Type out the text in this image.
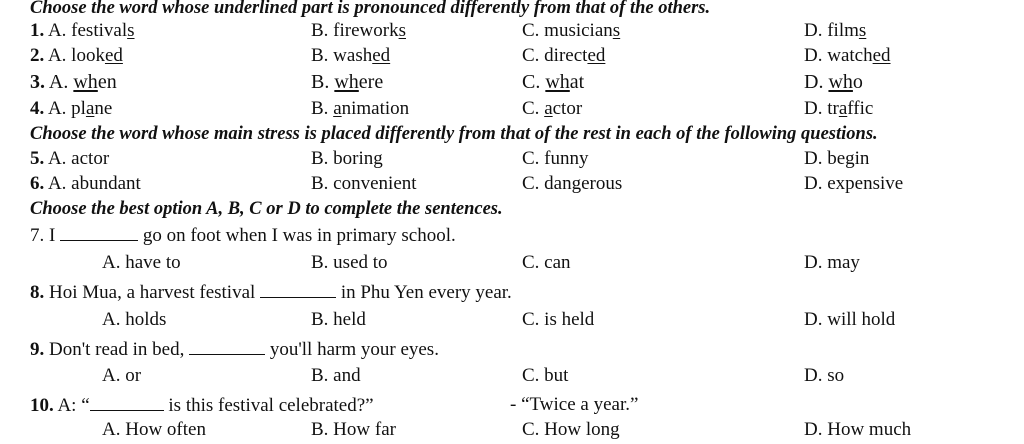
Choose the word whose underlined part is pronounced differently from that of the others.
1. A. festivals	B. fireworks	C. musicians	D. films
2. A. looked	B. washed	C. directed	D. watched
3. A. when	B. where	C. what	D. who
4. A. plane	B. animation	C. actor	D. traffic
Choose the word whose main stress is placed differently from that of the rest in each of the following questions.
5. A. actor	B. boring	C. funny	D. begin
6. A. abundant	B. convenient	C. dangerous	D. expensive
Choose the best option A, B, C or D to complete the sentences.
7. I	go on foot when I was in primary school.
A. have to	B. used to	C. can	D. may
8. Hoi Mua, a harvest festival	in Phu Yen every year.
A. holds	B. held	C. is held	D. will hold
9. Don't read in bed,	you'll harm your eyes.
A. or	B. and	C. but	D. so
10. A: “	is this festival celebrated?”	- “Twice a year.”
A. How often	B. How far	C. How long	D. How much
